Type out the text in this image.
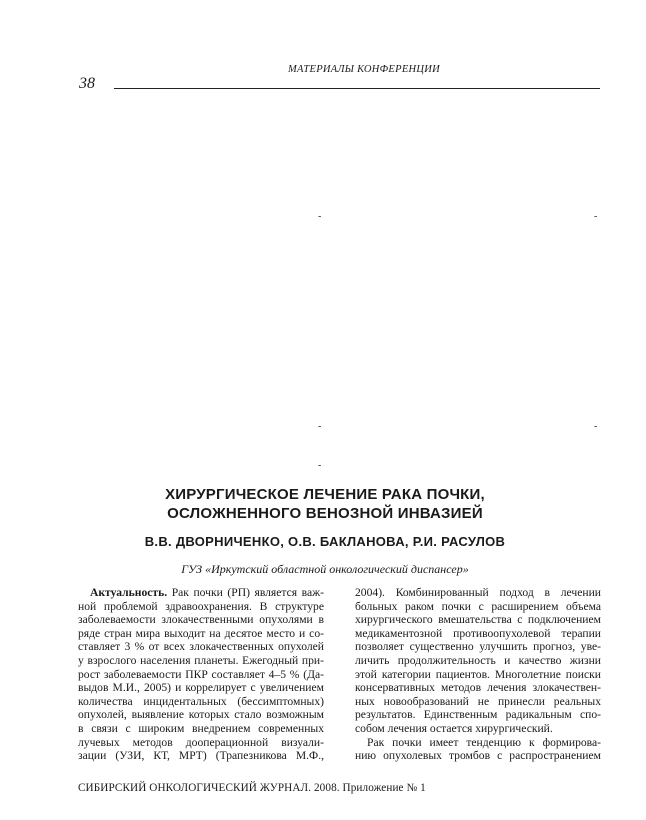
МАТЕРИАЛЫ КОНФЕРЕНЦИИ
38
-	-
-	-
-
ХИРУРГИЧЕСКОЕ ЛЕЧЕНИЕ РАКА ПОЧКИ,
ОСЛОЖНЕННОГО ВЕНОЗНОЙ ИНВАЗИЕЙ
В.В. ДВОРНИЧЕНКО, О.В. БАКЛАНОВА, Р.И. РАСУЛОВ
ГУЗ «Иркутский областной онкологический диспансер»
Актуальность. Рак почки (РП) является важ-
ной проблемой здравоохранения. В структуре
заболеваемости злокачественными опухолями в
ряде стран мира выходит на десятое место и со-
ставляет 3 % от всех злокачественных опухолей
у взрослого населения планеты. Ежегодный при-
рост заболеваемости ПКР составляет 4–5 % (Да-
выдов М.И., 2005) и коррелирует с увеличением
количества инцидентальных (бессимптомных)
опухолей, выявление которых стало возможным
в связи с широким внедрением современных
лучевых методов дооперационной визуали-
зации (УЗИ, КТ, МРТ) (Трапезникова М.Ф.,
2004). Комбинированный подход в лечении
больных раком почки с расширением объема
хирургического вмешательства с подключением
медикаментозной противоопухолевой терапии
позволяет существенно улучшить прогноз, уве-
личить продолжительность и качество жизни
этой категории пациентов. Многолетние поиски
консервативных методов лечения злокачествен-
ных новообразований не принесли реальных
результатов. Единственным радикальным спо-
собом лечения остается хирургический.
Рак почки имеет тенденцию к формирова-
нию опухолевых тромбов с распространением
СИБИРСКИЙ ОНКОЛОГИЧЕСКИЙ ЖУРНАЛ. 2008. Приложение № 1
